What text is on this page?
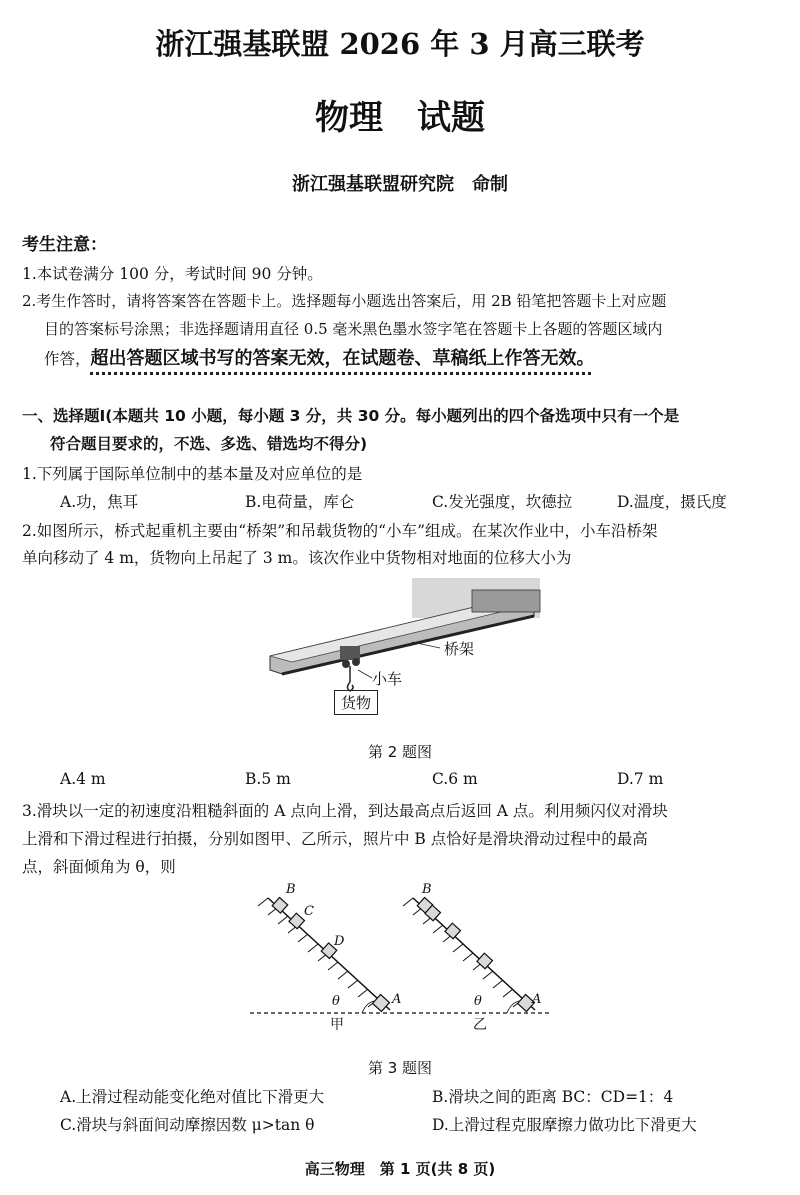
浙江强基联盟 2026 年 3 月高三联考
物理　试题
浙江强基联盟研究院　命制
考生注意：
1.本试卷满分 100 分，考试时间 90 分钟。
2.考生作答时，请将答案答在答题卡上。选择题每小题选出答案后，用 2B 铅笔把答题卡上对应题
目的答案标号涂黑；非选择题请用直径 0.5 毫米黑色墨水签字笔在答题卡上各题的答题区域内
作答，超出答题区域书写的答案无效，在试题卷、草稿纸上作答无效。
一、选择题Ⅰ(本题共 10 小题，每小题 3 分，共 30 分。每小题列出的四个备选项中只有一个是
符合题目要求的，不选、多选、错选均不得分)
1.下列属于国际单位制中的基本量及对应单位的是
A.功，焦耳	B.电荷量，库仑	C.发光强度，坎德拉	D.温度，摄氏度
2.如图所示，桥式起重机主要由“桥架”和吊载货物的“小车”组成。在某次作业中，小车沿桥架
单向移动了 4 m，货物向上吊起了 3 m。该次作业中货物相对地面的位移大小为
桥架
小车
货物
第 2 题图
A.4 m	B.5 m	C.6 m	D.7 m
3.滑块以一定的初速度沿粗糙斜面的 A 点向上滑，到达最高点后返回 A 点。利用频闪仪对滑块
上滑和下滑过程进行拍摄，分别如图甲、乙所示，照片中 B 点恰好是滑块滑动过程中的最高
点，斜面倾角为 θ，则
B
C
D
A
θ
甲
B
A
θ
乙
第 3 题图
A.上滑过程动能变化绝对值比下滑更大	B.滑块之间的距离 BC：CD=1：4
C.滑块与斜面间动摩擦因数 μ>tan θ	D.上滑过程克服摩擦力做功比下滑更大
高三物理　第 1 页(共 8 页)
